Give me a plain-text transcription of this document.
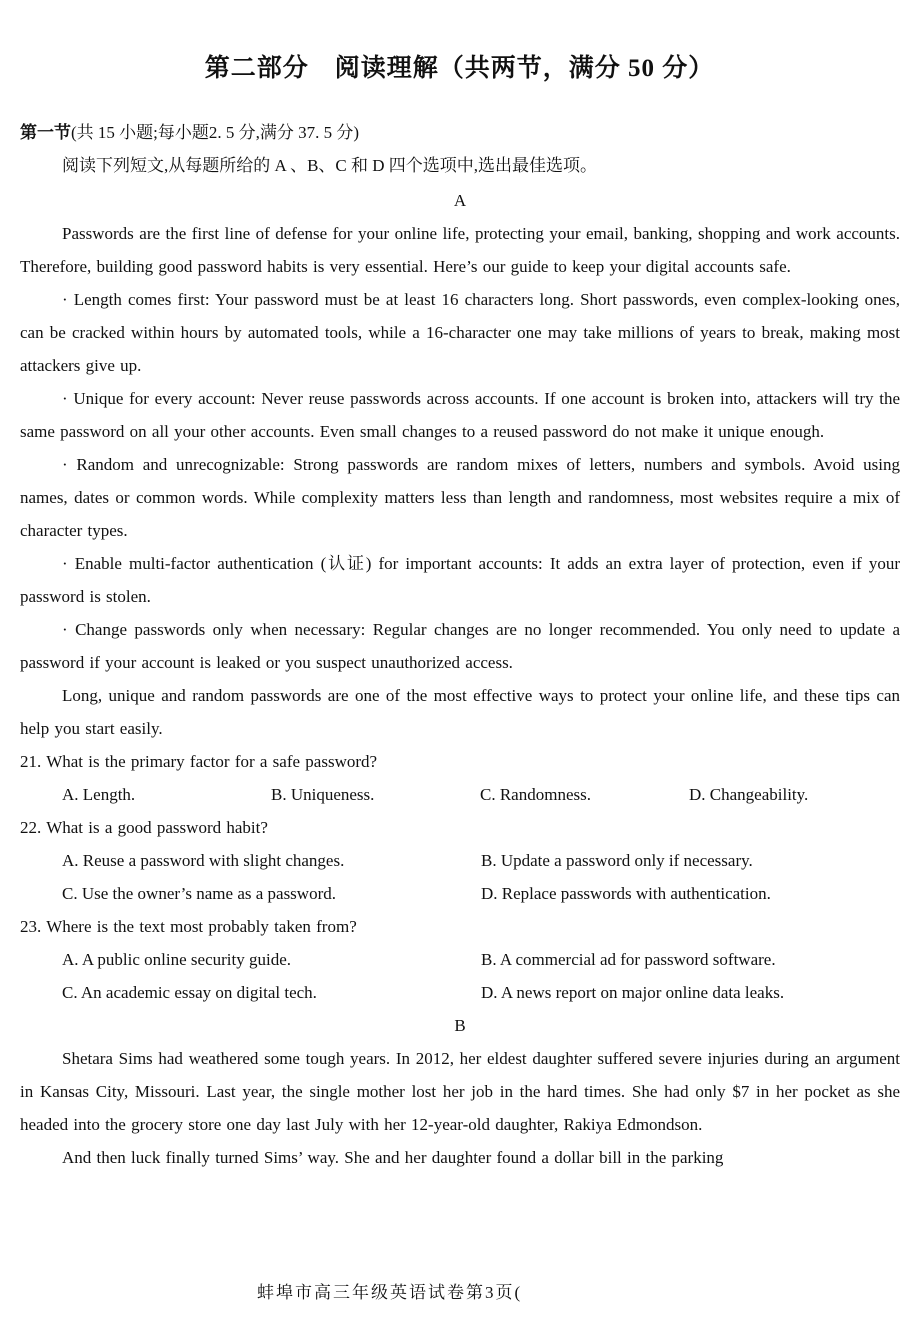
第二部分　阅读理解（共两节，满分 50 分）
第一节(共 15 小题;每小题2. 5 分,满分 37. 5 分)
阅读下列短文,从每题所给的 A 、B、C 和 D 四个选项中,选出最佳选项。
A

Passwords are the first line of defense for your online life, protecting your email, banking, shopping and work accounts. Therefore, building good password habits is very essential. Here’s our guide to keep your digital accounts safe.

· Length comes first: Your password must be at least 16 characters long. Short passwords, even complex-looking ones, can be cracked within hours by automated tools, while a 16-character one may take millions of years to break, making most attackers give up.

· Unique for every account: Never reuse passwords across accounts. If one account is broken into, attackers will try the same password on all your other accounts. Even small changes to a reused password do not make it unique enough.

· Random and unrecognizable: Strong passwords are random mixes of letters, numbers and symbols. Avoid using names, dates or common words. While complexity matters less than length and randomness, most websites require a mix of character types.

· Enable multi-factor authentication (认证) for important accounts: It adds an extra layer of protection, even if your password is stolen.

· Change passwords only when necessary: Regular changes are no longer recommended. You only need to update a password if your account is leaked or you suspect unauthorized access.

Long, unique and random passwords are one of the most effective ways to protect your online life, and these tips can help you start easily.

21. What is the primary factor for a safe password?

A. Length.	B. Uniqueness.	C. Randomness.	D. Changeability.

22. What is a good password habit?

A. Reuse a password with slight changes.	B. Update a password only if necessary.
C. Use the owner’s name as a password.	D. Replace passwords with authentication.

23. Where is the text most probably taken from?

A. A public online security guide.	B. A commercial ad for password software.
C. An academic essay on digital tech.	D. A news report on major online data leaks.
B

Shetara Sims had weathered some tough years. In 2012, her eldest daughter suffered severe injuries during an argument in Kansas City, Missouri. Last year, the single mother lost her job in the hard times. She had only $7 in her pocket as she headed into the grocery store one day last July with her 12-year-old daughter, Rakiya Edmondson.

And then luck finally turned Sims’ way. She and her daughter found a dollar bill in the parking

蚌埠市高三年级英语试卷第3页(
